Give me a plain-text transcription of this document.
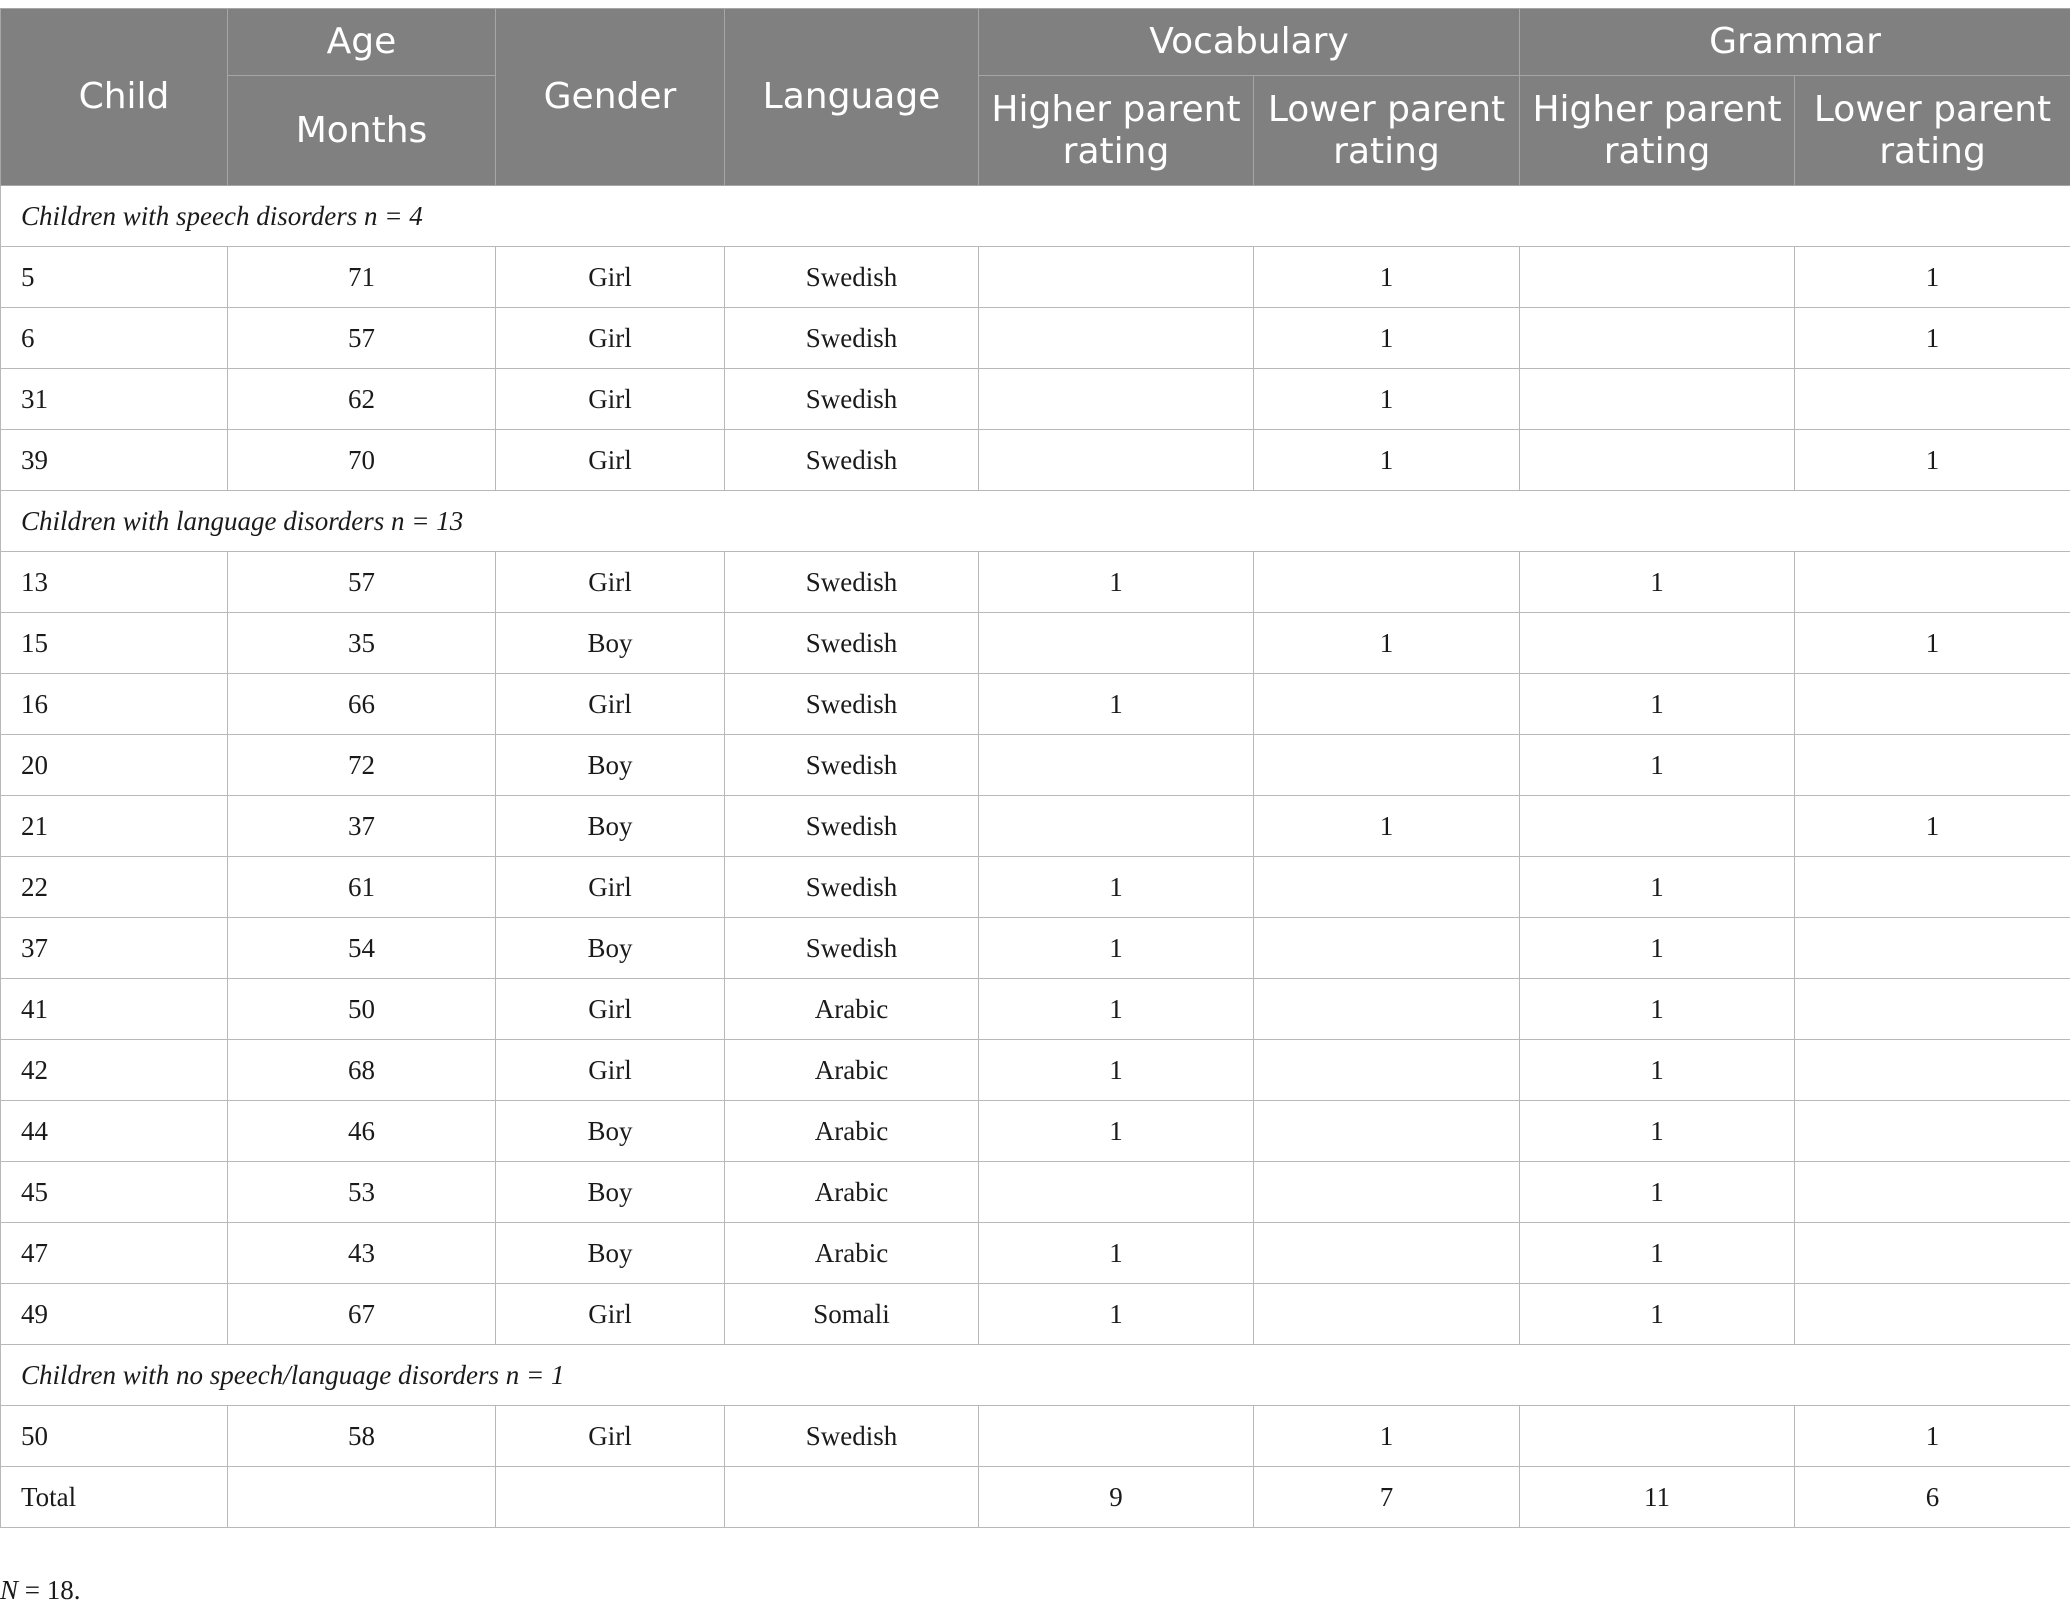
Child	Age	Gender	Language	Vocabulary		Grammar	
	Months			Higher parent rating	Lower parent rating	Higher parent rating	Lower parent rating
Children with speech disorders n = 4							
5	71	Girl	Swedish		1		1
6	57	Girl	Swedish		1		1
31	62	Girl	Swedish		1		
39	70	Girl	Swedish		1		1
Children with language disorders n = 13							
13	57	Girl	Swedish	1		1	
15	35	Boy	Swedish		1		1
16	66	Girl	Swedish	1		1	
20	72	Boy	Swedish			1	
21	37	Boy	Swedish		1		1
22	61	Girl	Swedish	1		1	
37	54	Boy	Swedish	1		1	
41	50	Girl	Arabic	1		1	
42	68	Girl	Arabic	1		1	
44	46	Boy	Arabic	1		1	
45	53	Boy	Arabic			1	
47	43	Boy	Arabic	1		1	
49	67	Girl	Somali	1		1	
Children with no speech/language disorders n = 1							
50	58	Girl	Swedish		1		1
Total				9	7	11	6
N = 18.
